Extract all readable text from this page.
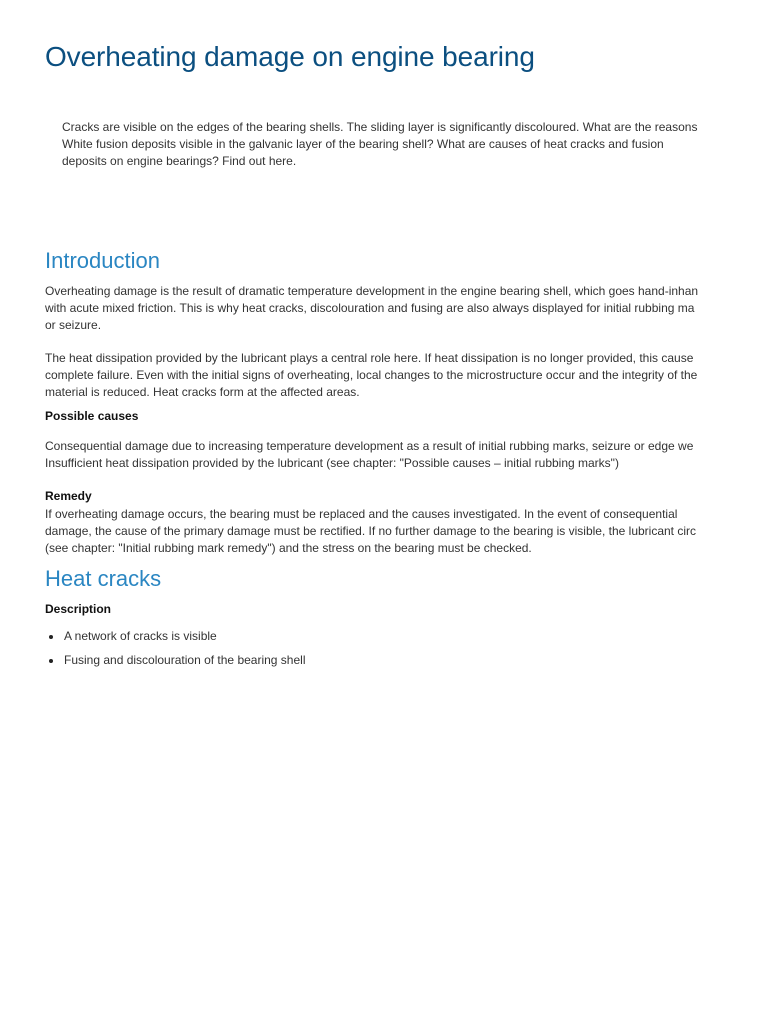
Overheating damage on engine bearing
Cracks are visible on the edges of the bearing shells. The sliding layer is significantly discoloured. What are the reasons
White fusion deposits visible in the galvanic layer of the bearing shell? What are causes of heat cracks and fusion
deposits on engine bearings? Find out here.
Introduction
Overheating damage is the result of dramatic temperature development in the engine bearing shell, which goes hand-inhan
with acute mixed friction. This is why heat cracks, discolouration and fusing are also always displayed for initial rubbing ma
or seizure.
The heat dissipation provided by the lubricant plays a central role here. If heat dissipation is no longer provided, this cause
complete failure. Even with the initial signs of overheating, local changes to the microstructure occur and the integrity of the
material is reduced. Heat cracks form at the affected areas.
Possible causes
Consequential damage due to increasing temperature development as a result of initial rubbing marks, seizure or edge we
Insufficient heat dissipation provided by the lubricant (see chapter: "Possible causes – initial rubbing marks")
Remedy
If overheating damage occurs, the bearing must be replaced and the causes investigated. In the event of consequential
damage, the cause of the primary damage must be rectified. If no further damage to the bearing is visible, the lubricant circ
(see chapter: "Initial rubbing mark remedy") and the stress on the bearing must be checked.
Heat cracks
Description
A network of cracks is visible
Fusing and discolouration of the bearing shell
